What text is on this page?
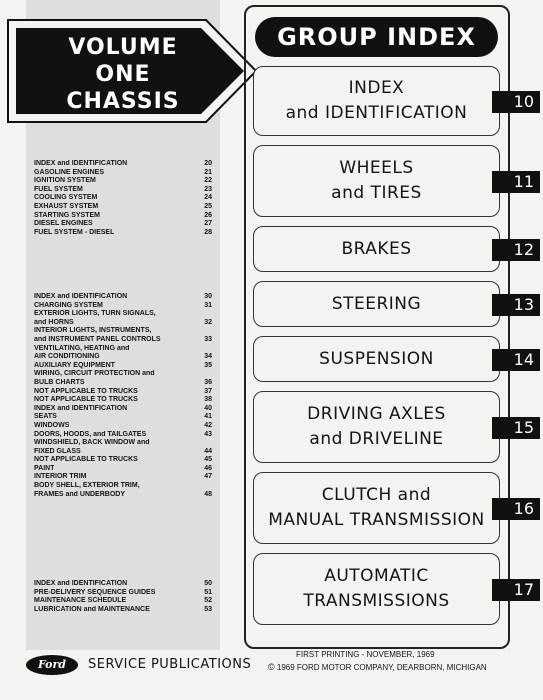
VOLUME
ONE
CHASSIS
INDEX and IDENTIFICATION	20
GASOLINE ENGINES	21
IGNITION SYSTEM	22
FUEL SYSTEM	23
COOLING SYSTEM	24
EXHAUST SYSTEM	25
STARTING SYSTEM	26
DIESEL ENGINES	27
FUEL SYSTEM - DIESEL	28
INDEX and IDENTIFICATION	30
CHARGING SYSTEM	31
EXTERIOR LIGHTS, TURN SIGNALS,
and HORNS	32
INTERIOR LIGHTS, INSTRUMENTS,
and INSTRUMENT PANEL CONTROLS	33
VENTILATING, HEATING and
AIR CONDITIONING	34
AUXILIARY EQUIPMENT	35
WIRING, CIRCUIT PROTECTION and
BULB CHARTS	36
NOT APPLICABLE TO TRUCKS	37
NOT APPLICABLE TO TRUCKS	38
INDEX and IDENTIFICATION	40
SEATS	41
WINDOWS	42
DOORS, HOODS, and TAILGATES	43
WINDSHIELD, BACK WINDOW and
FIXED GLASS	44
NOT APPLICABLE TO TRUCKS	45
PAINT	46
INTERIOR TRIM	47
BODY SHELL, EXTERIOR TRIM,
FRAMES and UNDERBODY	48
INDEX and IDENTIFICATION	50
PRE-DELIVERY SEQUENCE GUIDES	51
MAINTENANCE SCHEDULE	52
LUBRICATION and MAINTENANCE	53
GROUP INDEX
INDEX
and IDENTIFICATION
10
WHEELS
and TIRES
11
BRAKES	12
STEERING	13
SUSPENSION	14
DRIVING AXLES
and DRIVELINE
15
CLUTCH and
MANUAL TRANSMISSION
16
AUTOMATIC
TRANSMISSIONS
17
Ford	SERVICE PUBLICATIONS
FIRST PRINTING - NOVEMBER, 1969
© 1969 FORD MOTOR COMPANY, DEARBORN, MICHIGAN
